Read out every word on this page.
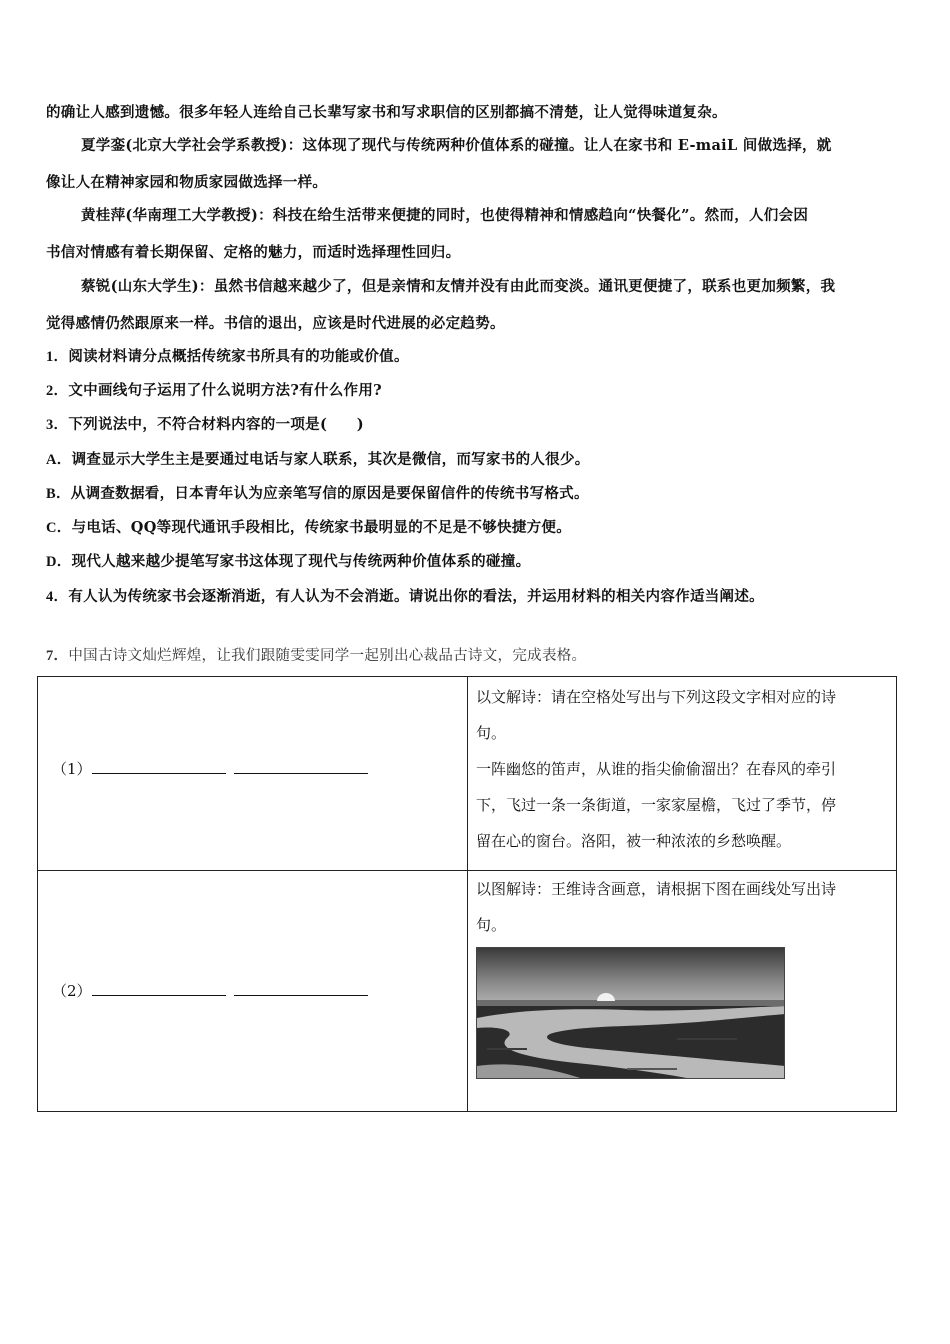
的确让人感到遗憾。很多年轻人连给自己长辈写家书和写求职信的区别都搞不清楚，让人觉得味道复杂。
夏学銮(北京大学社会学系教授)：这体现了现代与传统两种价值体系的碰撞。让人在家书和 E-maiL 间做选择，就
像让人在精神家园和物质家园做选择一样。
黄桂萍(华南理工大学教授)：科技在给生活带来便捷的同时，也使得精神和情感趋向“快餐化”。然而，人们会因
书信对情感有着长期保留、定格的魅力，而适时选择理性回归。
蔡锐(山东大学生)：虽然书信越来越少了，但是亲情和友情并没有由此而变淡。通讯更便捷了，联系也更加频繁，我
觉得感情仍然跟原来一样。书信的退出，应该是时代进展的必定趋势。
1．阅读材料请分点概括传统家书所具有的功能或价值。
2．文中画线句子运用了什么说明方法?有什么作用?
3．下列说法中，不符合材料内容的一项是(　　)
A．调查显示大学生主是要通过电话与家人联系，其次是微信，而写家书的人很少。
B．从调查数据看，日本青年认为应亲笔写信的原因是要保留信件的传统书写格式。
C．与电话、QQ等现代通讯手段相比，传统家书最明显的不足是不够快捷方便。
D．现代人越来越少提笔写家书这体现了现代与传统两种价值体系的碰撞。
4．有人认为传统家书会逐渐消逝，有人认为不会消逝。请说出你的看法，并运用材料的相关内容作适当阐述。
7．中国古诗文灿烂辉煌，让我们跟随雯雯同学一起别出心裁品古诗文，完成表格。
（1）
以文解诗：请在空格处写出与下列这段文字相对应的诗
句。
一阵幽悠的笛声，从谁的指尖偷偷溜出？在春风的牵引
下，飞过一条一条街道，一家家屋檐，飞过了季节，停
留在心的窗台。洛阳，被一种浓浓的乡愁唤醒。
（2）
以图解诗：王维诗含画意，请根据下图在画线处写出诗
句。
